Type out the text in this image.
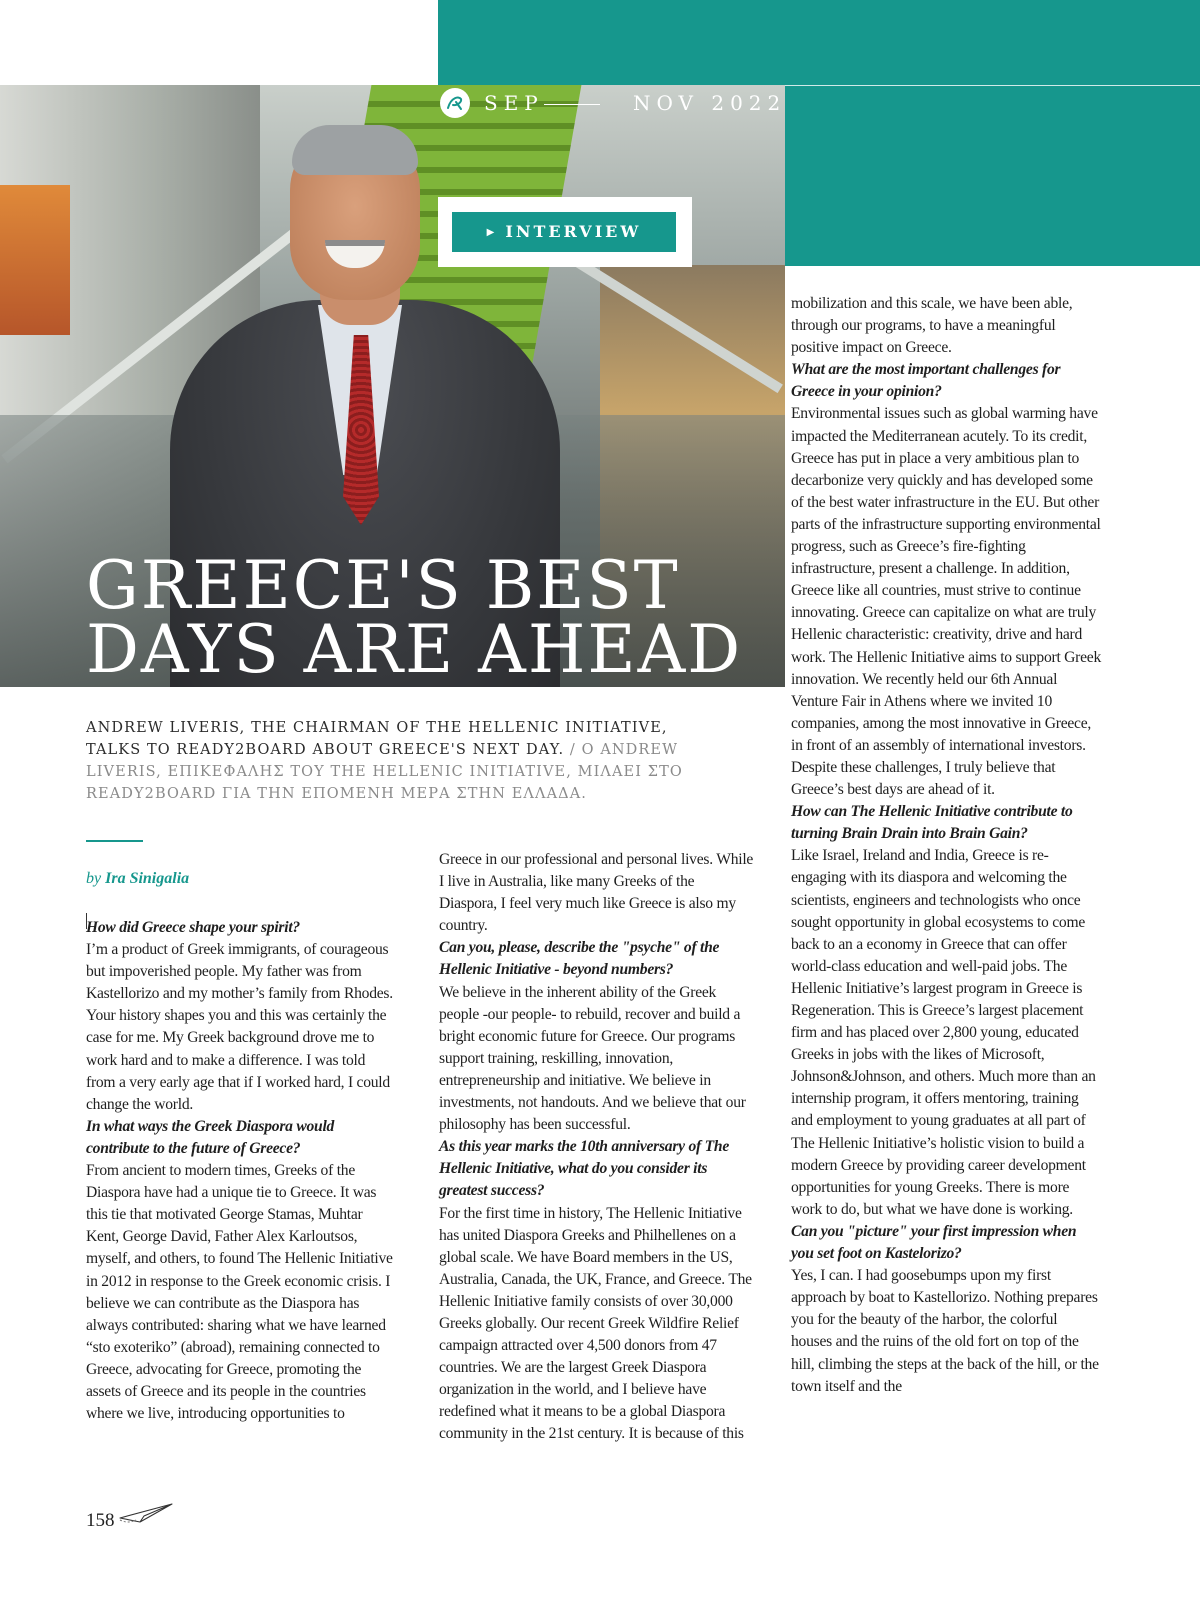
GREECE'S BEST
DAYS ARE AHEAD
SEP	NOV 2022
▶ INTERVIEW
ANDREW LIVERIS, THE CHAIRMAN OF THE HELLENIC INITIATIVE, TALKS TO READY2BOARD ABOUT GREECE'S NEXT DAY. / Ο ANDREW LIVERIS, ΕΠΙΚΕΦΑΛΗΣ ΤΟΥ THE HELLENIC INITIATIVE, ΜΙΛΑΕΙ ΣΤΟ READY2BOARD ΓΙΑ ΤΗΝ ΕΠΟΜΕΝΗ ΜΕΡΑ ΣΤΗΝ ΕΛΛΑΔΑ.
by Ira Sinigalia

How did Greece shape your spirit?

I’m a product of Greek immigrants, of courageous but impoverished people. My father was from Kastellorizo and my mother’s family from Rhodes. Your history shapes you and this was certainly the case for me. My Greek background drove me to work hard and to make a difference. I was told from a very early age that if I worked hard, I could change the world.

In what ways the Greek Diaspora would contribute to the future of Greece?

From ancient to modern times, Greeks of the Diaspora have had a unique tie to Greece. It was this tie that motivated George Stamas, Muhtar Kent, George David, Father Alex Karloutsos, myself, and others, to found The Hellenic Initiative in 2012 in response to the Greek economic crisis. I believe we can contribute as the Diaspora has always contributed: sharing what we have learned “sto exoteriko” (abroad), remaining connected to Greece, advocating for Greece, promoting the assets of Greece and its people in the countries where we live, introducing opportunities to

Greece in our professional and personal lives. While I live in Australia, like many Greeks of the Diaspora, I feel very much like Greece is also my country.

Can you, please, describe the "psyche" of the Hellenic Initiative - beyond numbers?

We believe in the inherent ability of the Greek people -our people- to rebuild, recover and build a bright economic future for Greece. Our programs support training, reskilling, innovation, entrepreneurship and initiative. We believe in investments, not handouts. And we believe that our philosophy has been successful.

As this year marks the 10th anniversary of The Hellenic Initiative, what do you consider its greatest success?

For the first time in history, The Hellenic Initiative has united Diaspora Greeks and Philhellenes on a global scale. We have Board members in the US, Australia, Canada, the UK, France, and Greece. The Hellenic Initiative family consists of over 30,000 Greeks globally. Our recent Greek Wildfire Relief campaign attracted over 4,500 donors from 47 countries. We are the largest Greek Diaspora organization in the world, and I believe have redefined what it means to be a global Diaspora community in the 21st century. It is because of this

mobilization and this scale, we have been able, through our programs, to have a meaningful positive impact on Greece.

What are the most important challenges for Greece in your opinion?

Environmental issues such as global warming have impacted the Mediterranean acutely. To its credit, Greece has put in place a very ambitious plan to decarbonize very quickly and has developed some of the best water infrastructure in the EU. But other parts of the infrastructure supporting environmental progress, such as Greece’s fire-fighting infrastructure, present a challenge. In addition, Greece like all countries, must strive to continue innovating. Greece can capitalize on what are truly Hellenic characteristic: creativity, drive and hard work. The Hellenic Initiative aims to support Greek innovation. We recently held our 6th Annual Venture Fair in Athens where we invited 10 companies, among the most innovative in Greece, in front of an assembly of international investors. Despite these challenges, I truly believe that Greece’s best days are ahead of it.

How can The Hellenic Initiative contribute to turning Brain Drain into Brain Gain?

Like Israel, Ireland and India, Greece is re-engaging with its diaspora and welcoming the scientists, engineers and technologists who once sought opportunity in global ecosystems to come back to an a economy in Greece that can offer world-class education and well-paid jobs. The Hellenic Initiative’s largest program in Greece is Regeneration. This is Greece’s largest placement firm and has placed over 2,800 young, educated Greeks in jobs with the likes of Microsoft, Johnson&Johnson, and others. Much more than an internship program, it offers mentoring, training and employment to young graduates at all part of The Hellenic Initiative’s holistic vision to build a modern Greece by providing career development opportunities for young Greeks. There is more work to do, but what we have done is working.

Can you "picture" your first impression when you set foot on Kastelorizo?

Yes, I can. I had goosebumps upon my first approach by boat to Kastellorizo. Nothing prepares you for the beauty of the harbor, the colorful houses and the ruins of the old fort on top of the hill, climbing the steps at the back of the hill, or the town itself and the

158
